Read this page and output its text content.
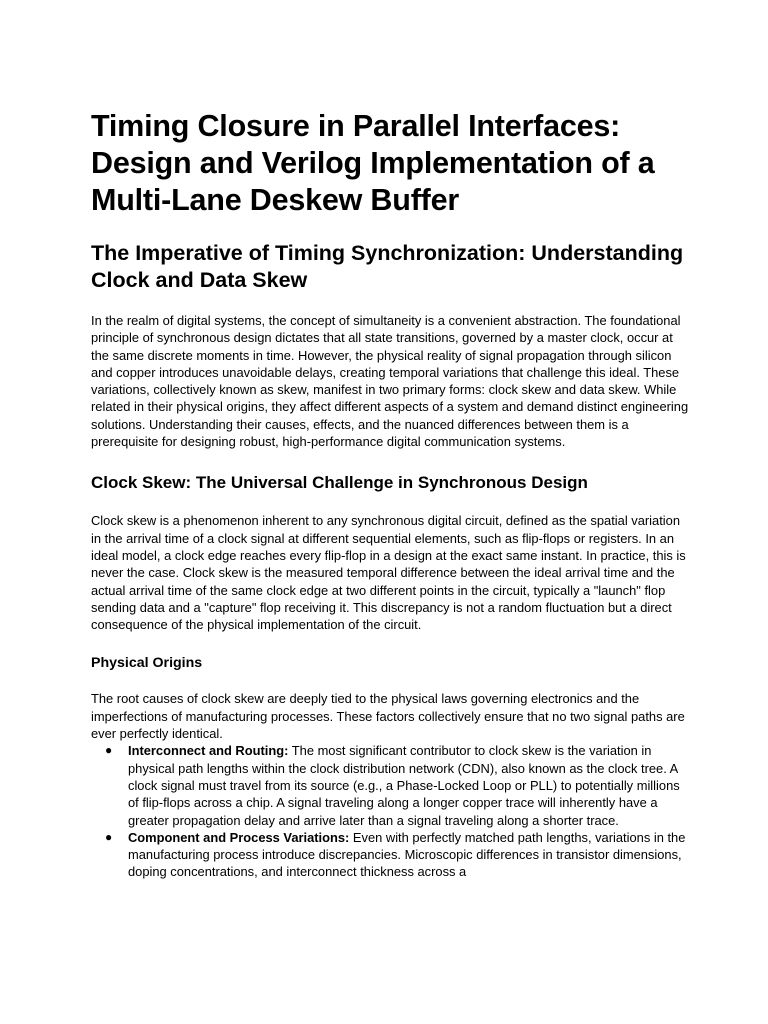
Timing Closure in Parallel Interfaces: Design and Verilog Implementation of a Multi-Lane Deskew Buffer
The Imperative of Timing Synchronization: Understanding Clock and Data Skew

In the realm of digital systems, the concept of simultaneity is a convenient abstraction. The foundational principle of synchronous design dictates that all state transitions, governed by a master clock, occur at the same discrete moments in time. However, the physical reality of signal propagation through silicon and copper introduces unavoidable delays, creating temporal variations that challenge this ideal. These variations, collectively known as skew, manifest in two primary forms: clock skew and data skew. While related in their physical origins, they affect different aspects of a system and demand distinct engineering solutions. Understanding their causes, effects, and the nuanced differences between them is a prerequisite for designing robust, high-performance digital communication systems.

Clock Skew: The Universal Challenge in Synchronous Design

Clock skew is a phenomenon inherent to any synchronous digital circuit, defined as the spatial variation in the arrival time of a clock signal at different sequential elements, such as flip-flops or registers. In an ideal model, a clock edge reaches every flip-flop in a design at the exact same instant. In practice, this is never the case. Clock skew is the measured temporal difference between the ideal arrival time and the actual arrival time of the same clock edge at two different points in the circuit, typically a "launch" flop sending data and a "capture" flop receiving it. This discrepancy is not a random fluctuation but a direct consequence of the physical implementation of the circuit.

Physical Origins

The root causes of clock skew are deeply tied to the physical laws governing electronics and the imperfections of manufacturing processes. These factors collectively ensure that no two signal paths are ever perfectly identical.

● Interconnect and Routing: The most significant contributor to clock skew is the variation in physical path lengths within the clock distribution network (CDN), also known as the clock tree. A clock signal must travel from its source (e.g., a Phase-Locked Loop or PLL) to potentially millions of flip-flops across a chip. A signal traveling along a longer copper trace will inherently have a greater propagation delay and arrive later than a signal traveling along a shorter trace.
● Component and Process Variations: Even with perfectly matched path lengths, variations in the manufacturing process introduce discrepancies. Microscopic differences in transistor dimensions, doping concentrations, and interconnect thickness across a
